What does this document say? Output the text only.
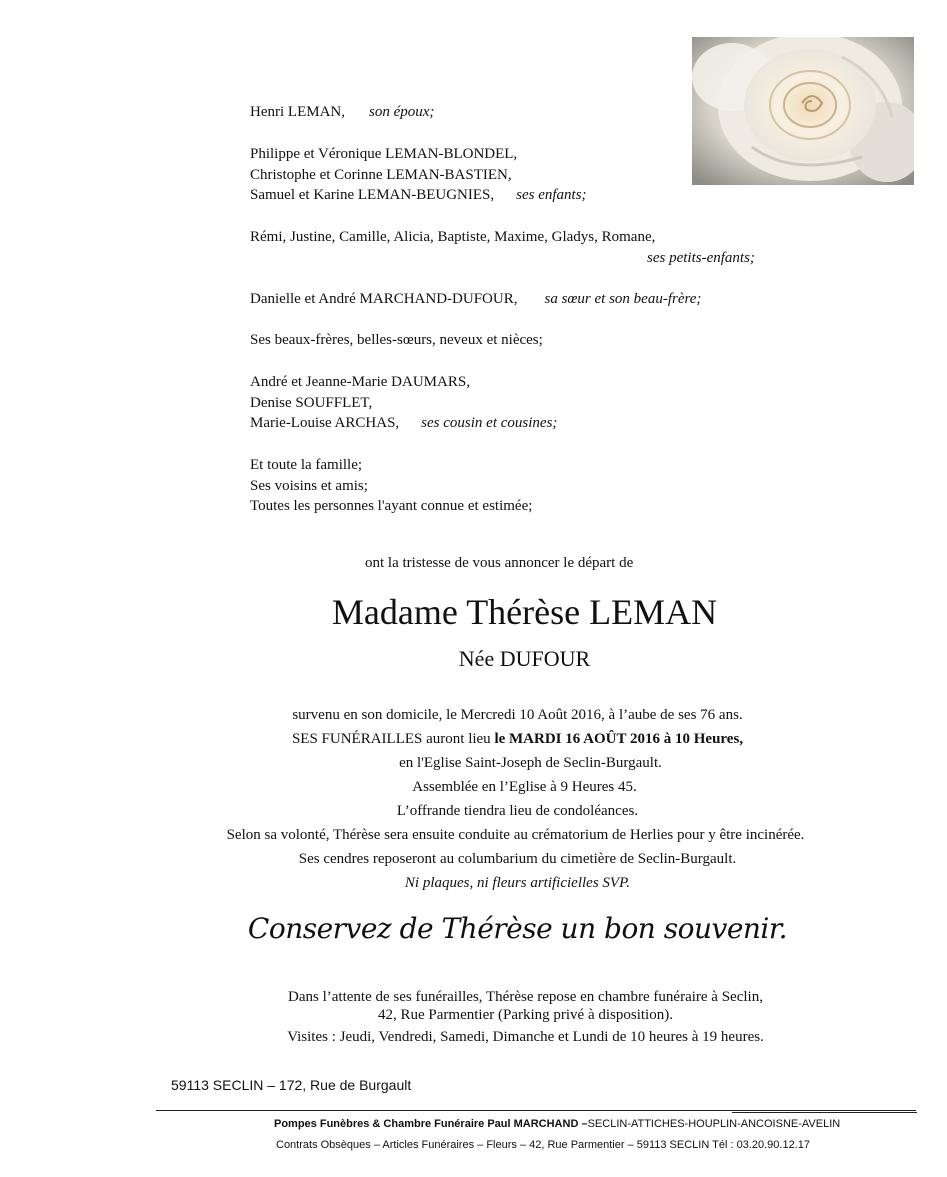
Henri LEMAN, son époux;
Philippe et Véronique LEMAN-BLONDEL,
Christophe et Corinne LEMAN-BASTIEN,
Samuel et Karine LEMAN-BEUGNIES, ses enfants;
Rémi, Justine, Camille, Alicia, Baptiste, Maxime, Gladys, Romane,
ses petits-enfants;
Danielle et André MARCHAND-DUFOUR, sa sœur et son beau-frère;
Ses beaux-frères, belles-sœurs, neveux et nièces;
André et Jeanne-Marie DAUMARS,
Denise SOUFFLET,
Marie-Louise ARCHAS, ses cousin et cousines;
Et toute la famille;
Ses voisins et amis;
Toutes les personnes l'ayant connue et estimée;
ont la tristesse de vous annoncer le départ de
Madame Thérèse LEMAN
Née DUFOUR
survenu en son domicile, le Mercredi 10 Août 2016, à l’aube de ses 76 ans.
SES FUNÉRAILLES auront lieu le MARDI 16 AOÛT 2016 à 10 Heures,
en l'Eglise Saint-Joseph de Seclin-Burgault.
Assemblée en l’Eglise à 9 Heures 45.
L’offrande tiendra lieu de condoléances.
Selon sa volonté, Thérèse sera ensuite conduite au crématorium de Herlies pour y être incinérée.
Ses cendres reposeront au columbarium du cimetière de Seclin-Burgault.
Ni plaques, ni fleurs artificielles SVP.
Conservez de Thérèse un bon souvenir.
Dans l’attente de ses funérailles, Thérèse repose en chambre funéraire à Seclin,
42, Rue Parmentier (Parking privé à disposition).
Visites : Jeudi, Vendredi, Samedi, Dimanche et Lundi de 10 heures à 19 heures.
59113 SECLIN – 172, Rue de Burgault
Pompes Funèbres & Chambre Funéraire Paul MARCHAND –SECLIN-ATTICHES-HOUPLIN-ANCOISNE-AVELIN
Contrats Obsèques – Articles Funéraires – Fleurs – 42, Rue Parmentier – 59113 SECLIN Tél : 03.20.90.12.17
